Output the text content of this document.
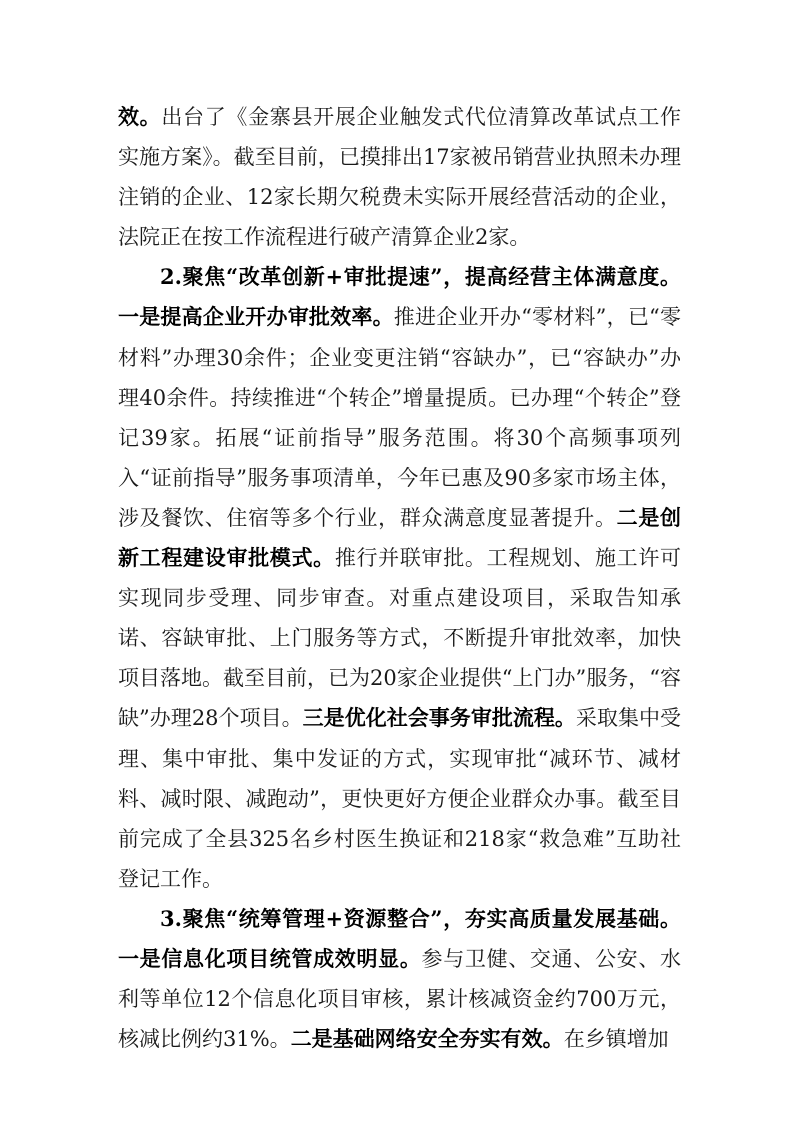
效。出台了《金寨县开展企业触发式代位清算改革试点工作实施方案》。截至目前，已摸排出17家被吊销营业执照未办理注销的企业、12家长期欠税费未实际开展经营活动的企业，法院正在按工作流程进行破产清算企业2家。

2.聚焦“改革创新+审批提速”，提高经营主体满意度。一是提高企业开办审批效率。推进企业开办“零材料”，已“零材料”办理30余件；企业变更注销“容缺办”，已“容缺办”办理40余件。持续推进“个转企”增量提质。已办理“个转企”登记39家。拓展“证前指导”服务范围。将30个高频事项列入“证前指导”服务事项清单，今年已惠及90多家市场主体，涉及餐饮、住宿等多个行业，群众满意度显著提升。二是创新工程建设审批模式。推行并联审批。工程规划、施工许可实现同步受理、同步审查。对重点建设项目，采取告知承诺、容缺审批、上门服务等方式，不断提升审批效率，加快项目落地。截至目前，已为20家企业提供“上门办”服务，“容缺”办理28个项目。三是优化社会事务审批流程。采取集中受理、集中审批、集中发证的方式，实现审批“减环节、减材料、减时限、减跑动”，更快更好方便企业群众办事。截至目前完成了全县325名乡村医生换证和218家“救急难”互助社登记工作。

3.聚焦“统筹管理+资源整合”，夯实高质量发展基础。一是信息化项目统管成效明显。参与卫健、交通、公安、水利等单位12个信息化项目审核，累计核减资金约700万元，核减比例约31%。二是基础网络安全夯实有效。在乡镇增加
